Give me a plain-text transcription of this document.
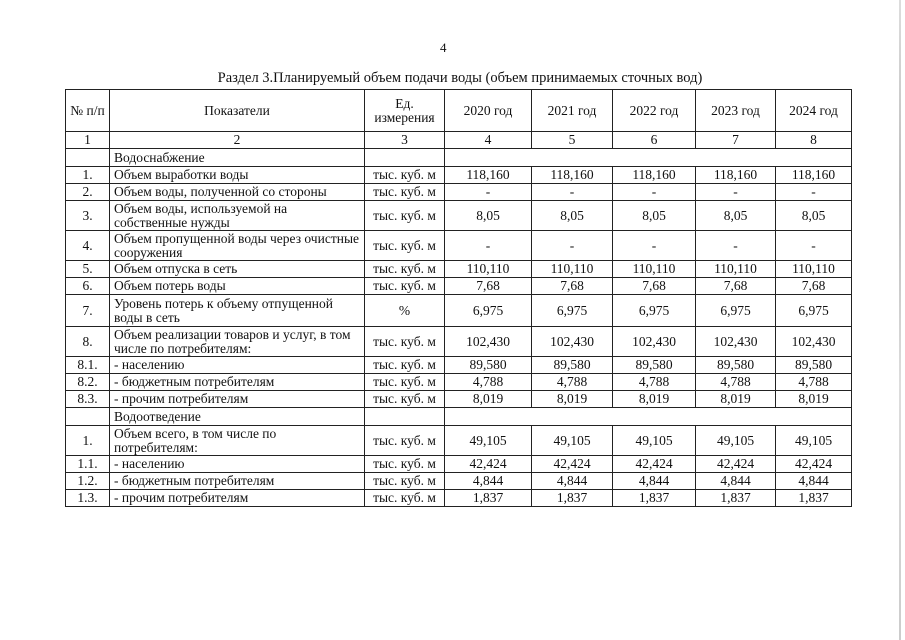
4
Раздел 3.Планируемый объем подачи воды (объем принимаемых сточных вод)
№ п/п	Показатели	Ед. измерения	2020 год	2021 год	2022 год	2023 год	2024 год
1	2	3	4	5	6	7	8
	Водоснабжение						
1.	Объем выработки воды	тыс. куб. м	118,160	118,160	118,160	118,160	118,160
2.	Объем воды, полученной со стороны	тыс. куб. м	-	-	-	-	-
3.	Объем воды, используемой на собственные нужды	тыс. куб. м	8,05	8,05	8,05	8,05	8,05
4.	Объем пропущенной воды через очистные сооружения	тыс. куб. м	-	-	-	-	-
5.	Объем отпуска в сеть	тыс. куб. м	110,110	110,110	110,110	110,110	110,110
6.	Объем потерь воды	тыс. куб. м	7,68	7,68	7,68	7,68	7,68
7.	Уровень потерь к объему отпущенной воды в сеть	%	6,975	6,975	6,975	6,975	6,975
8.	Объем реализации товаров и услуг, в том числе по потребителям:	тыс. куб. м	102,430	102,430	102,430	102,430	102,430
8.1.	- населению	тыс. куб. м	89,580	89,580	89,580	89,580	89,580
8.2.	- бюджетным потребителям	тыс. куб. м	4,788	4,788	4,788	4,788	4,788
8.3.	- прочим потребителям	тыс. куб. м	8,019	8,019	8,019	8,019	8,019
	Водоотведение						
1.	Объем всего, в том числе по потребителям:	тыс. куб. м	49,105	49,105	49,105	49,105	49,105
1.1.	- населению	тыс. куб. м	42,424	42,424	42,424	42,424	42,424
1.2.	- бюджетным потребителям	тыс. куб. м	4,844	4,844	4,844	4,844	4,844
1.3.	- прочим потребителям	тыс. куб. м	1,837	1,837	1,837	1,837	1,837
